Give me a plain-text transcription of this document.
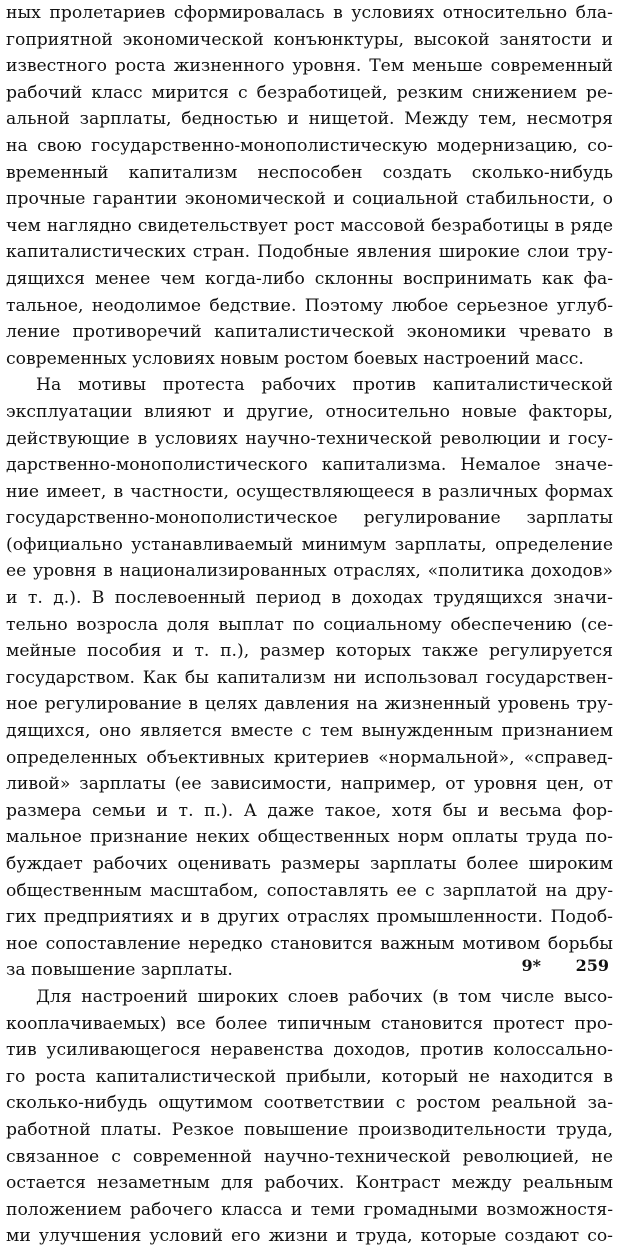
ных пролетариев сформировалась в условиях относительно бла-
гоприятной экономической конъюнктуры, высокой занятости и
известного роста жизненного уровня. Тем меньше современный
рабочий класс мирится с безработицей, резким снижением ре-
альной зарплаты, бедностью и нищетой. Между тем, несмотря
на свою государственно-монополистическую модернизацию, со-
временный капитализм неспособен создать сколько-нибудь
прочные гарантии экономической и социальной стабильности, о
чем наглядно свидетельствует рост массовой безработицы в ряде
капиталистических стран. Подобные явления широкие слои тру-
дящихся менее чем когда-либо склонны воспринимать как фа-
тальное, неодолимое бедствие. Поэтому любое серьезное углуб-
ление противоречий капиталистической экономики чревато в
современных условиях новым ростом боевых настроений масс.

На мотивы протеста рабочих против капиталистической
эксплуатации влияют и другие, относительно новые факторы,
действующие в условиях научно-технической революции и госу-
дарственно-монополистического капитализма. Немалое значе-
ние имеет, в частности, осуществляющееся в различных формах
государственно-монополистическое регулирование зарплаты
(официально устанавливаемый минимум зарплаты, определение
ее уровня в национализированных отраслях, «политика доходов»
и т. д.). В послевоенный период в доходах трудящихся значи-
тельно возросла доля выплат по социальному обеспечению (се-
мейные пособия и т. п.), размер которых также регулируется
государством. Как бы капитализм ни использовал государствен-
ное регулирование в целях давления на жизненный уровень тру-
дящихся, оно является вместе с тем вынужденным признанием
определенных объективных критериев «нормальной», «справед-
ливой» зарплаты (ее зависимости, например, от уровня цен, от
размера семьи и т. п.). А даже такое, хотя бы и весьма фор-
мальное признание неких общественных норм оплаты труда по-
буждает рабочих оценивать размеры зарплаты более широким
общественным масштабом, сопоставлять ее с зарплатой на дру-
гих предприятиях и в других отраслях промышленности. Подоб-
ное сопоставление нередко становится важным мотивом борьбы
за повышение зарплаты.

Для настроений широких слоев рабочих (в том числе высо-
кооплачиваемых) все более типичным становится протест про-
тив усиливающегося неравенства доходов, против колоссально-
го роста капиталистической прибыли, который не находится в
сколько-нибудь ощутимом соответствии с ростом реальной за-
работной платы. Резкое повышение производительности труда,
связанное с современной научно-технической революцией, не
остается незаметным для рабочих. Контраст между реальным
положением рабочего класса и теми громадными возможностя-
ми улучшения условий его жизни и труда, которые создают со-

9* 259
